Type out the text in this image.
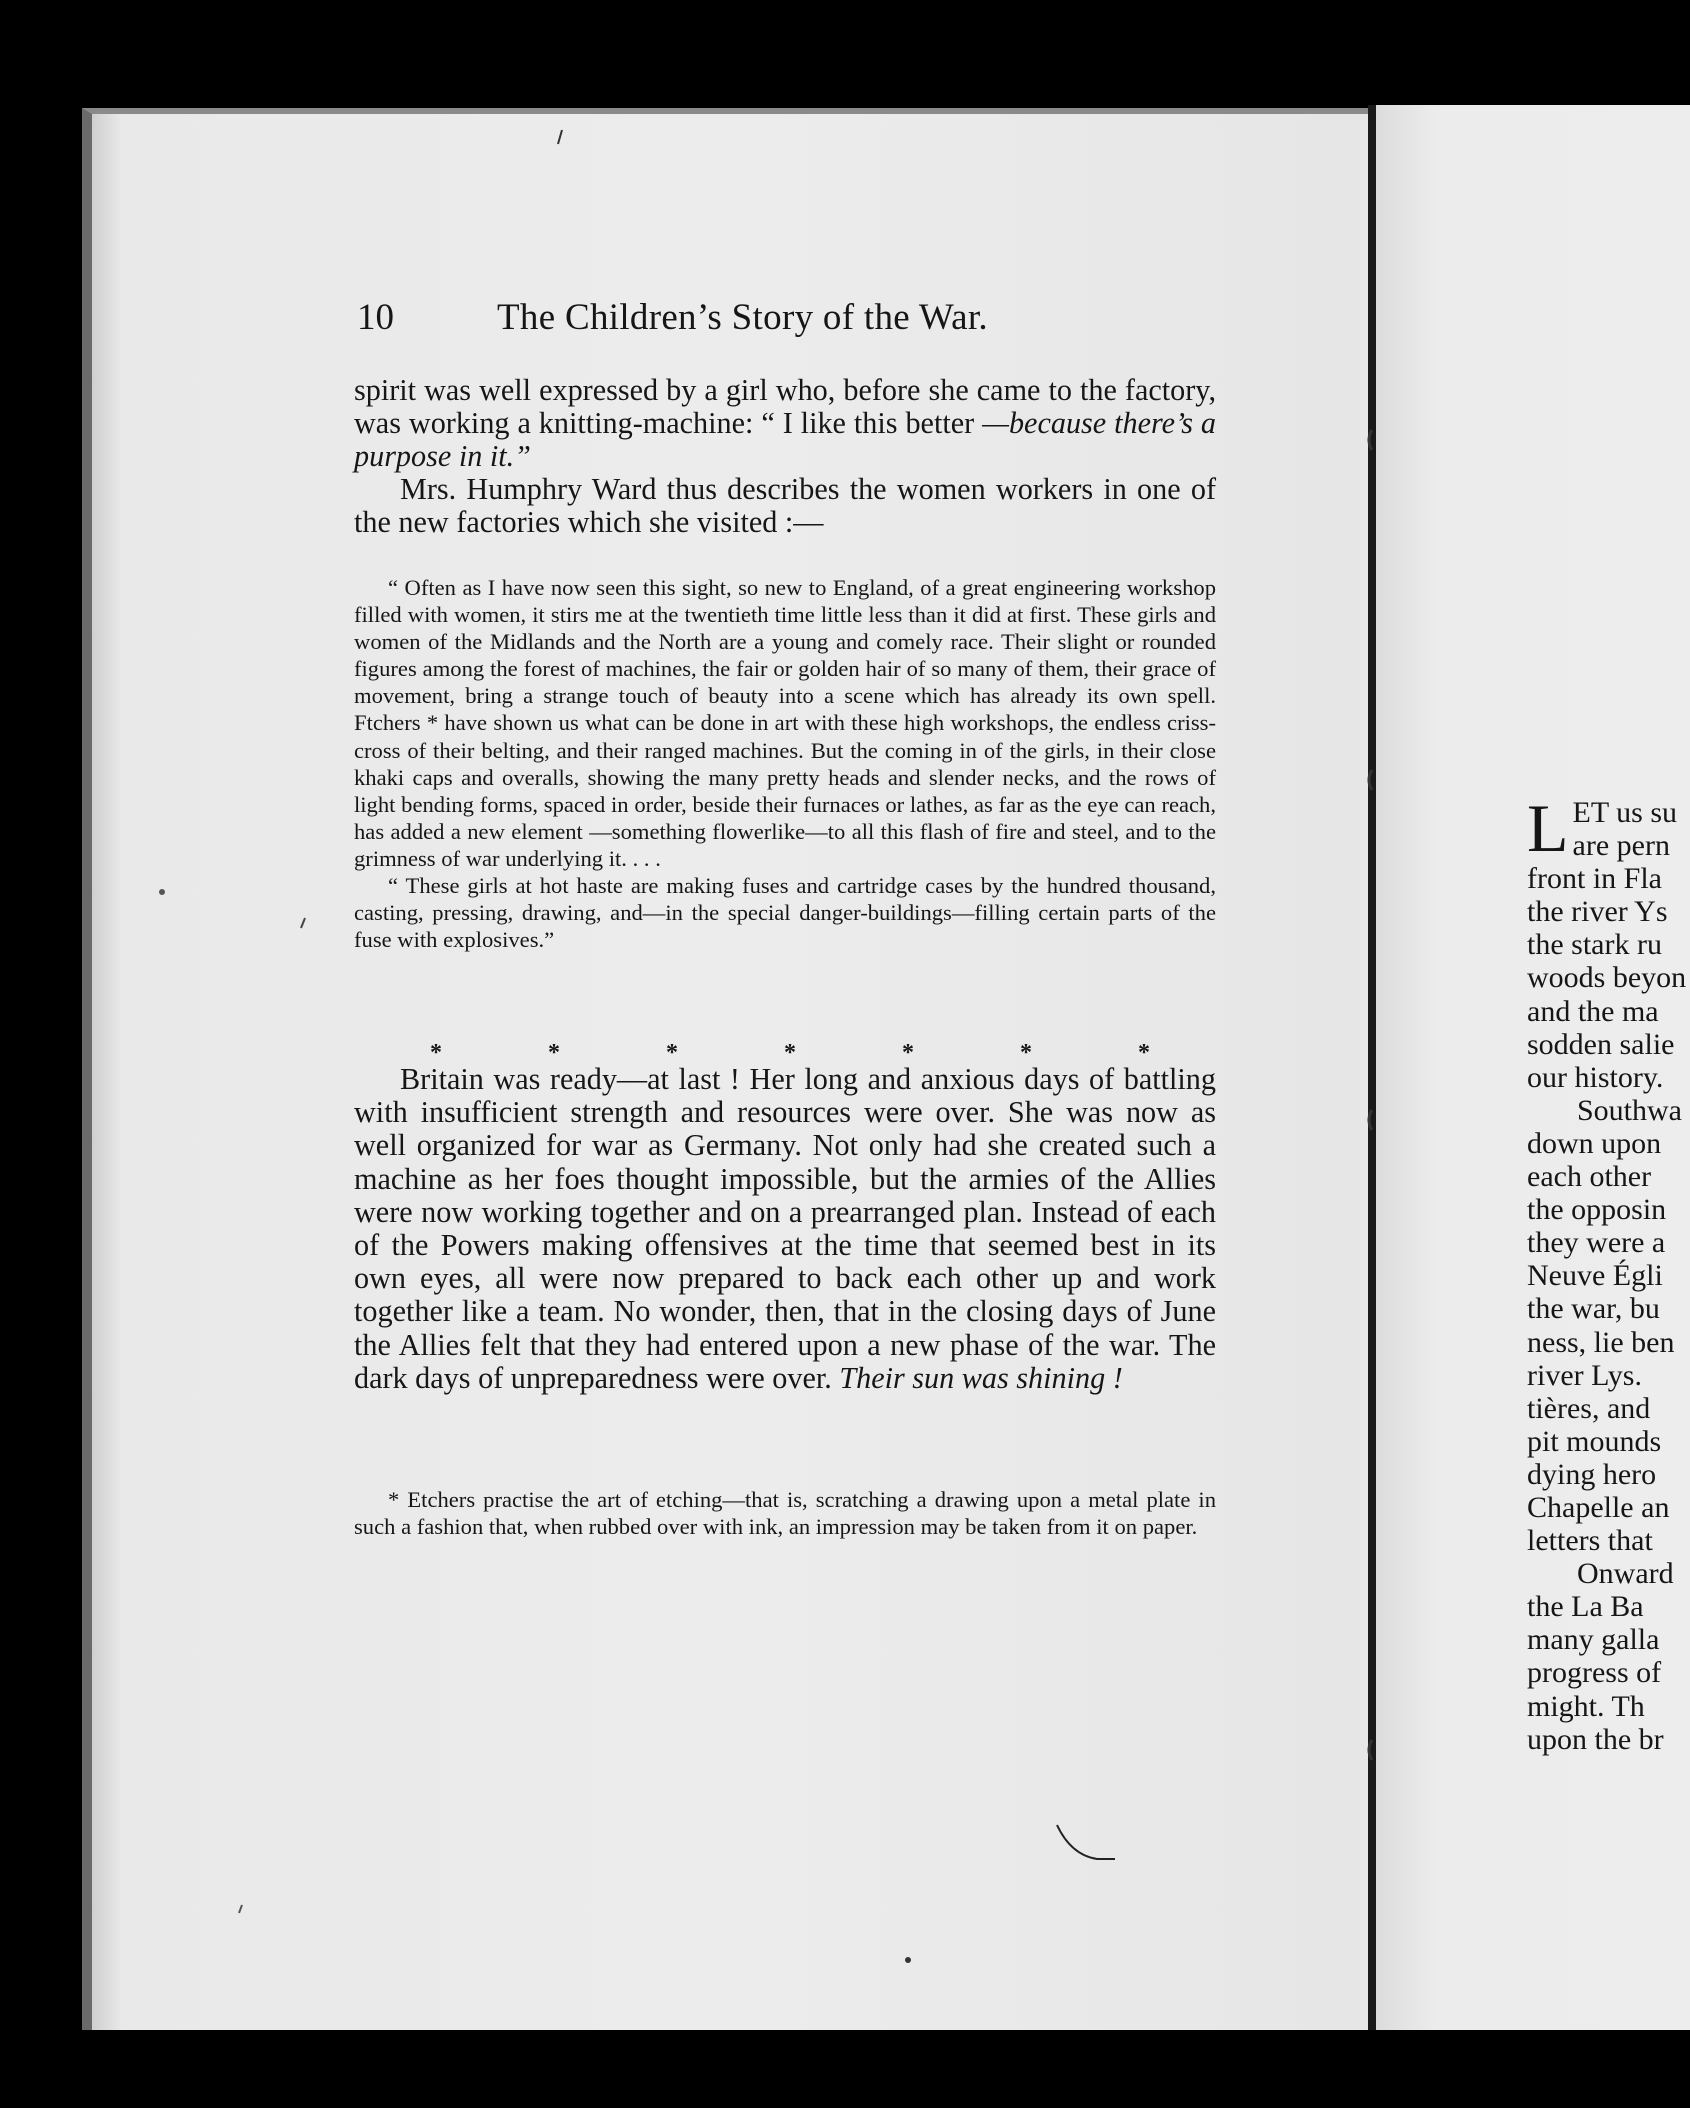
10	The Children’s Story of the War.

spirit was well expressed by a girl who, before she came to the factory, was working a knitting-machine: “ I like this better —because there’s a purpose in it.”

Mrs. Humphry Ward thus describes the women workers in one of the new factories which she visited :—

“ Often as I have now seen this sight, so new to England, of a great engineering workshop filled with women, it stirs me at the twentieth time little less than it did at first. These girls and women of the Midlands and the North are a young and comely race. Their slight or rounded figures among the forest of machines, the fair or golden hair of so many of them, their grace of movement, bring a strange touch of beauty into a scene which has already its own spell. Ftchers * have shown us what can be done in art with these high workshops, the endless criss-cross of their belting, and their ranged machines. But the coming in of the girls, in their close khaki caps and overalls, showing the many pretty heads and slender necks, and the rows of light bending forms, spaced in order, beside their furnaces or lathes, as far as the eye can reach, has added a new element —something flowerlike—to all this flash of fire and steel, and to the grimness of war underlying it. . . .

“ These girls at hot haste are making fuses and cartridge cases by the hundred thousand, casting, pressing, drawing, and—in the special danger-buildings—filling certain parts of the fuse with explosives.”

*	*	*	*	*	*	*

Britain was ready—at last ! Her long and anxious days of battling with insufficient strength and resources were over. She was now as well organized for war as Germany. Not only had she created such a machine as her foes thought impossible, but the armies of the Allies were now working together and on a prearranged plan. Instead of each of the Powers making offensives at the time that seemed best in its own eyes, all were now prepared to back each other up and work together like a team. No wonder, then, that in the closing days of June the Allies felt that they had entered upon a new phase of the war. The dark days of unpreparedness were over. Their sun was shining !

* Etchers practise the art of etching—that is, scratching a drawing upon a metal plate in such a fashion that, when rubbed over with ink, an impression may be taken from it on paper.

L ET us su
are pern
front in Fla
the river Ys
the stark ru
woods beyon
and the ma
sodden salie
our history.
Southwa
down upon
each other
the opposin
they were a
Neuve Égli
the war, bu
ness, lie ben
river Lys.
tières, and
pit mounds
dying hero
Chapelle an
letters that
Onward
the La Ba
many galla
progress of
might. Th
upon the br
